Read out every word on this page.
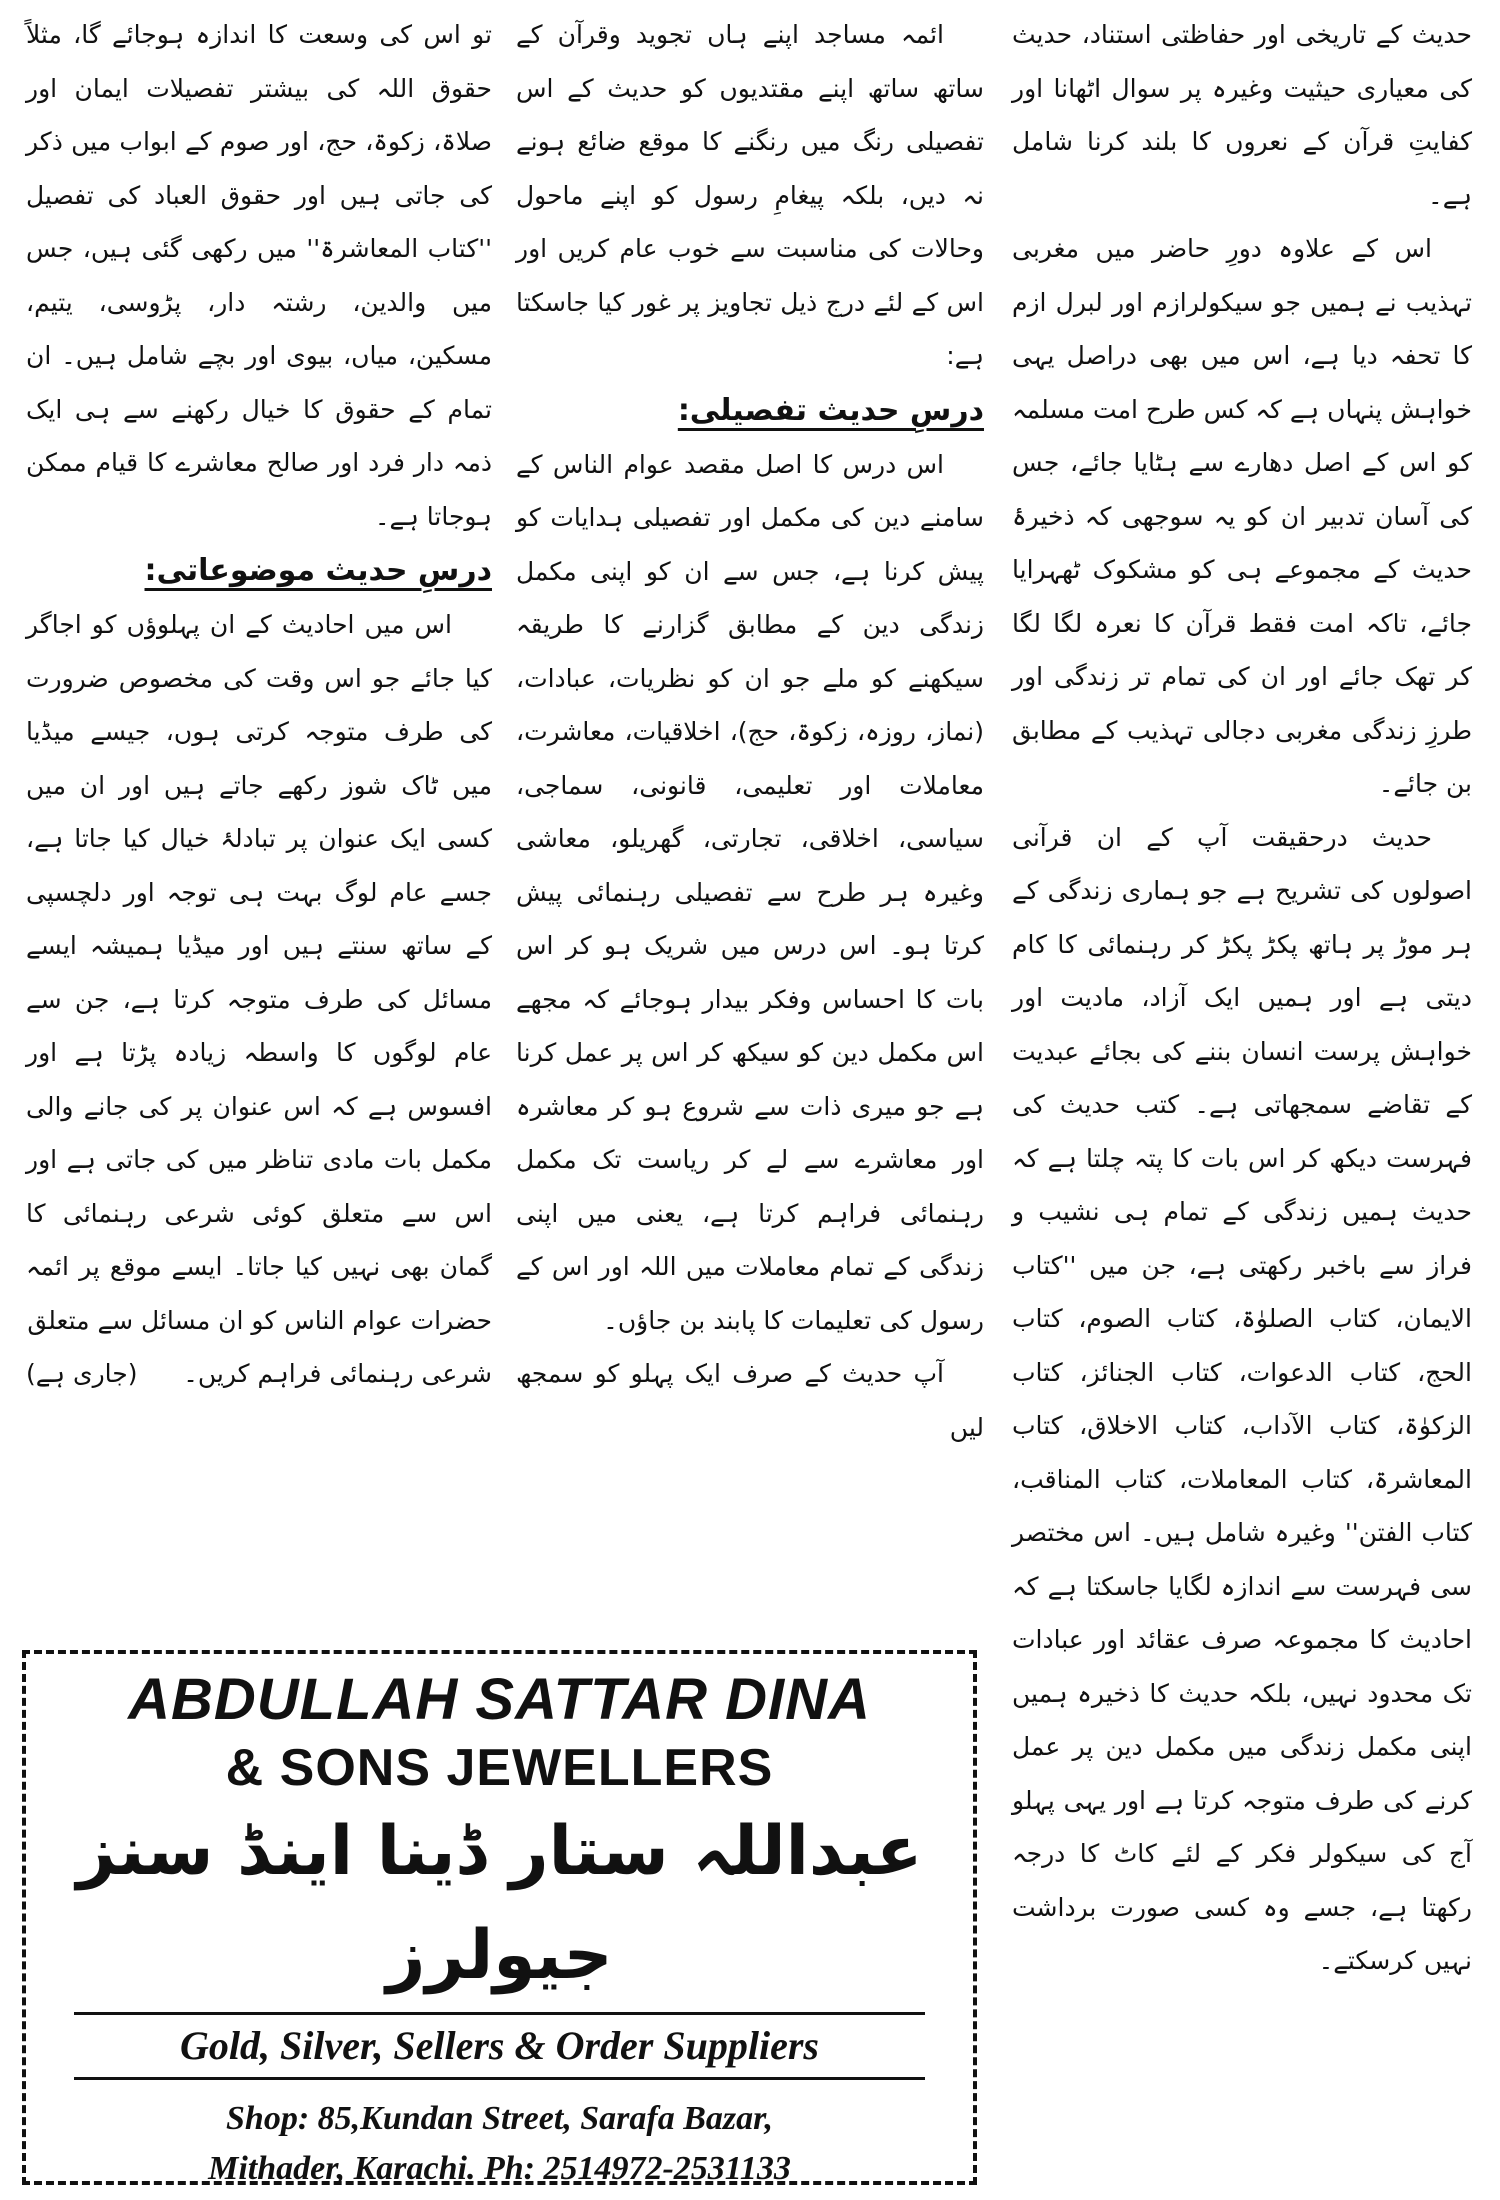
حدیث کے تاریخی اور حفاظتی استناد، حدیث کی معیاری حیثیت وغیرہ پر سوال اٹھانا اور کفایتِ قرآن کے نعروں کا بلند کرنا شامل ہے۔

اس کے علاوہ دورِ حاضر میں مغربی تہذیب نے ہمیں جو سیکولرازم اور لبرل ازم کا تحفہ دیا ہے، اس میں بھی دراصل یہی خواہش پنہاں ہے کہ کس طرح امت مسلمہ کو اس کے اصل دھارے سے ہٹایا جائے، جس کی آسان تدبیر ان کو یہ سوجھی کہ ذخیرۂ حدیث کے مجموعے ہی کو مشکوک ٹھہرایا جائے، تاکہ امت فقط قرآن کا نعرہ لگا لگا کر تھک جائے اور ان کی تمام تر زندگی اور طرزِ زندگی مغربی دجالی تہذیب کے مطابق بن جائے۔

حدیث درحقیقت آپ کے ان قرآنی اصولوں کی تشریح ہے جو ہماری زندگی کے ہر موڑ پر ہاتھ پکڑ پکڑ کر رہنمائی کا کام دیتی ہے اور ہمیں ایک آزاد، مادیت اور خواہش پرست انسان بننے کی بجائے عبدیت کے تقاضے سمجھاتی ہے۔ کتب حدیث کی فہرست دیکھ کر اس بات کا پتہ چلتا ہے کہ حدیث ہمیں زندگی کے تمام ہی نشیب و فراز سے باخبر رکھتی ہے، جن میں ''کتاب الایمان، کتاب الصلوٰۃ، کتاب الصوم، کتاب الحج، کتاب الدعوات، کتاب الجنائز، کتاب الزکوٰۃ، کتاب الآداب، کتاب الاخلاق، کتاب المعاشرۃ، کتاب المعاملات، کتاب المناقب، کتاب الفتن'' وغیرہ شامل ہیں۔ اس مختصر سی فہرست سے اندازہ لگایا جاسکتا ہے کہ احادیث کا مجموعہ صرف عقائد اور عبادات تک محدود نہیں، بلکہ حدیث کا ذخیرہ ہمیں اپنی مکمل زندگی میں مکمل دین پر عمل کرنے کی طرف متوجہ کرتا ہے اور یہی پہلو آج کی سیکولر فکر کے لئے کاٹ کا درجہ رکھتا ہے، جسے وہ کسی صورت برداشت نہیں کرسکتے۔

ائمہ مساجد اپنے ہاں تجوید وقرآن کے ساتھ ساتھ اپنے مقتدیوں کو حدیث کے اس تفصیلی رنگ میں رنگنے کا موقع ضائع ہونے نہ دیں، بلکہ پیغامِ رسول کو اپنے ماحول وحالات کی مناسبت سے خوب عام کریں اور اس کے لئے درج ذیل تجاویز پر غور کیا جاسکتا ہے:

درسِ حدیث تفصیلی:

اس درس کا اصل مقصد عوام الناس کے سامنے دین کی مکمل اور تفصیلی ہدایات کو پیش کرنا ہے، جس سے ان کو اپنی مکمل زندگی دین کے مطابق گزارنے کا طریقہ سیکھنے کو ملے جو ان کو نظریات، عبادات، (نماز، روزہ، زکوۃ، حج)، اخلاقیات، معاشرت، معاملات اور تعلیمی، قانونی، سماجی، سیاسی، اخلاقی، تجارتی، گھریلو، معاشی وغیرہ ہر طرح سے تفصیلی رہنمائی پیش کرتا ہو۔ اس درس میں شریک ہو کر اس بات کا احساس وفکر بیدار ہوجائے کہ مجھے اس مکمل دین کو سیکھ کر اس پر عمل کرنا ہے جو میری ذات سے شروع ہو کر معاشرہ اور معاشرے سے لے کر ریاست تک مکمل رہنمائی فراہم کرتا ہے، یعنی میں اپنی زندگی کے تمام معاملات میں اللہ اور اس کے رسول کی تعلیمات کا پابند بن جاؤں۔

آپ حدیث کے صرف ایک پہلو کو سمجھ لیں

تو اس کی وسعت کا اندازہ ہوجائے گا، مثلاً حقوق اللہ کی بیشتر تفصیلات ایمان اور صلاۃ، زکوۃ، حج، اور صوم کے ابواب میں ذکر کی جاتی ہیں اور حقوق العباد کی تفصیل ''کتاب المعاشرۃ'' میں رکھی گئی ہیں، جس میں والدین، رشتہ دار، پڑوسی، یتیم، مسکین، میاں، بیوی اور بچے شامل ہیں۔ ان تمام کے حقوق کا خیال رکھنے سے ہی ایک ذمہ دار فرد اور صالح معاشرے کا قیام ممکن ہوجاتا ہے۔

درسِ حدیث موضوعاتی:

اس میں احادیث کے ان پہلوؤں کو اجاگر کیا جائے جو اس وقت کی مخصوص ضرورت کی طرف متوجہ کرتی ہوں، جیسے میڈیا میں ٹاک شوز رکھے جاتے ہیں اور ان میں کسی ایک عنوان پر تبادلۂ خیال کیا جاتا ہے، جسے عام لوگ بہت ہی توجہ اور دلچسپی کے ساتھ سنتے ہیں اور میڈیا ہمیشہ ایسے مسائل کی طرف متوجہ کرتا ہے، جن سے عام لوگوں کا واسطہ زیادہ پڑتا ہے اور افسوس ہے کہ اس عنوان پر کی جانے والی مکمل بات مادی تناظر میں کی جاتی ہے اور اس سے متعلق کوئی شرعی رہنمائی کا گمان بھی نہیں کیا جاتا۔ ایسے موقع پر ائمہ حضرات عوام الناس کو ان مسائل سے متعلق

شرعی رہنمائی فراہم کریں۔
(جاری ہے)
ABDULLAH SATTAR DINA
& SONS JEWELLERS
عبداللہ ستار ڈینا اینڈ سنز جیولرز
Gold, Silver, Sellers & Order Suppliers
Shop: 85,Kundan Street, Sarafa Bazar,
Mithader, Karachi. Ph: 2514972-2531133
